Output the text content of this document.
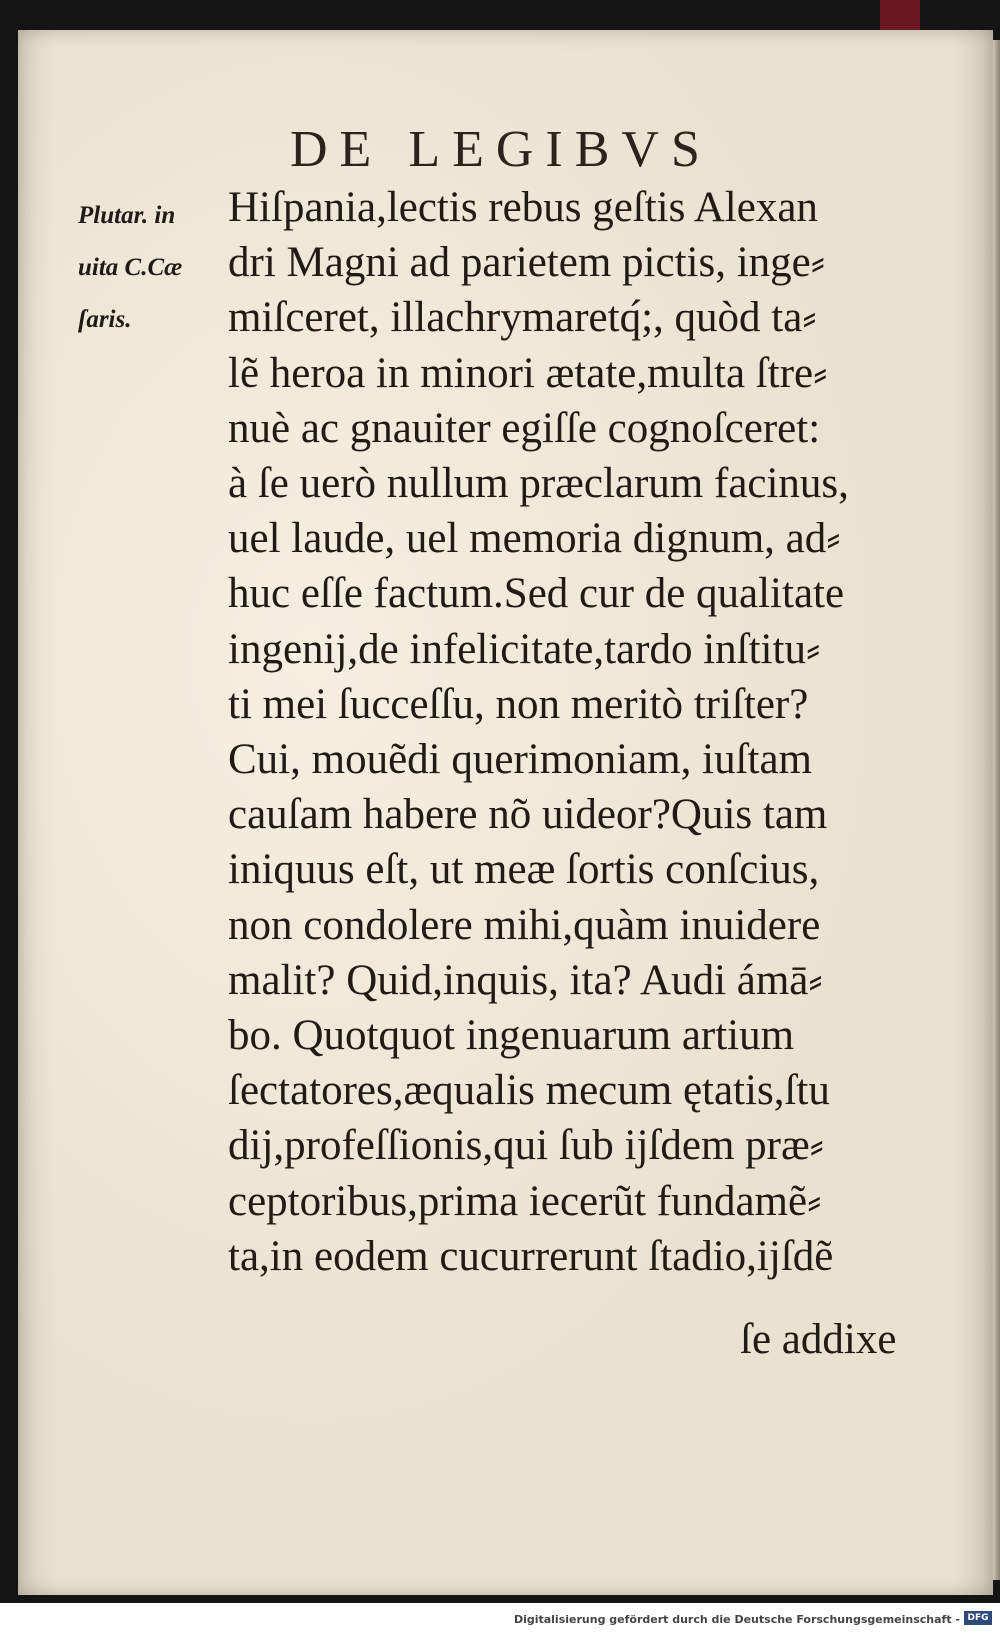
DE LEGIBVS
Plutar. in
uita C.Cæ
ſaris.
Hiſpania,lectis rebus geſtis Alexan
dri Magni ad parietem pictis, inge⸗
miſceret, illachrymaretq́;, quòd ta⸗
lẽ heroa in minori ætate,multa ſtre⸗
nuè ac gnauiter egiſſe cognoſceret:
à ſe uerò nullum præclarum facinus,
uel laude, uel memoria dignum, ad⸗
huc eſſe factum.Sed cur de qualitate
ingenij,de infelicitate,tardo inſtitu⸗
ti mei ſucceſſu, non meritò triſter?
Cui, mouẽdi querimoniam, iuſtam
cauſam habere nõ uideor?Quis tam
iniquus eſt, ut meæ ſortis conſcius,
non condolere mihi,quàm inuidere
malit? Quid,inquis, ita? Audi ámā⸗
bo. Quotquot ingenuarum artium
ſectatores,æqualis mecum ętatis,ſtu
dij,profeſſionis,qui ſub ijſdem præ⸗
ceptoribus,prima iecerũt fundamẽ⸗
ta,in eodem cucurrerunt ſtadio,ijſdẽ
ſe addixe
Digitalisierung gefördert durch die Deutsche Forschungsgemeinschaft - DFG
